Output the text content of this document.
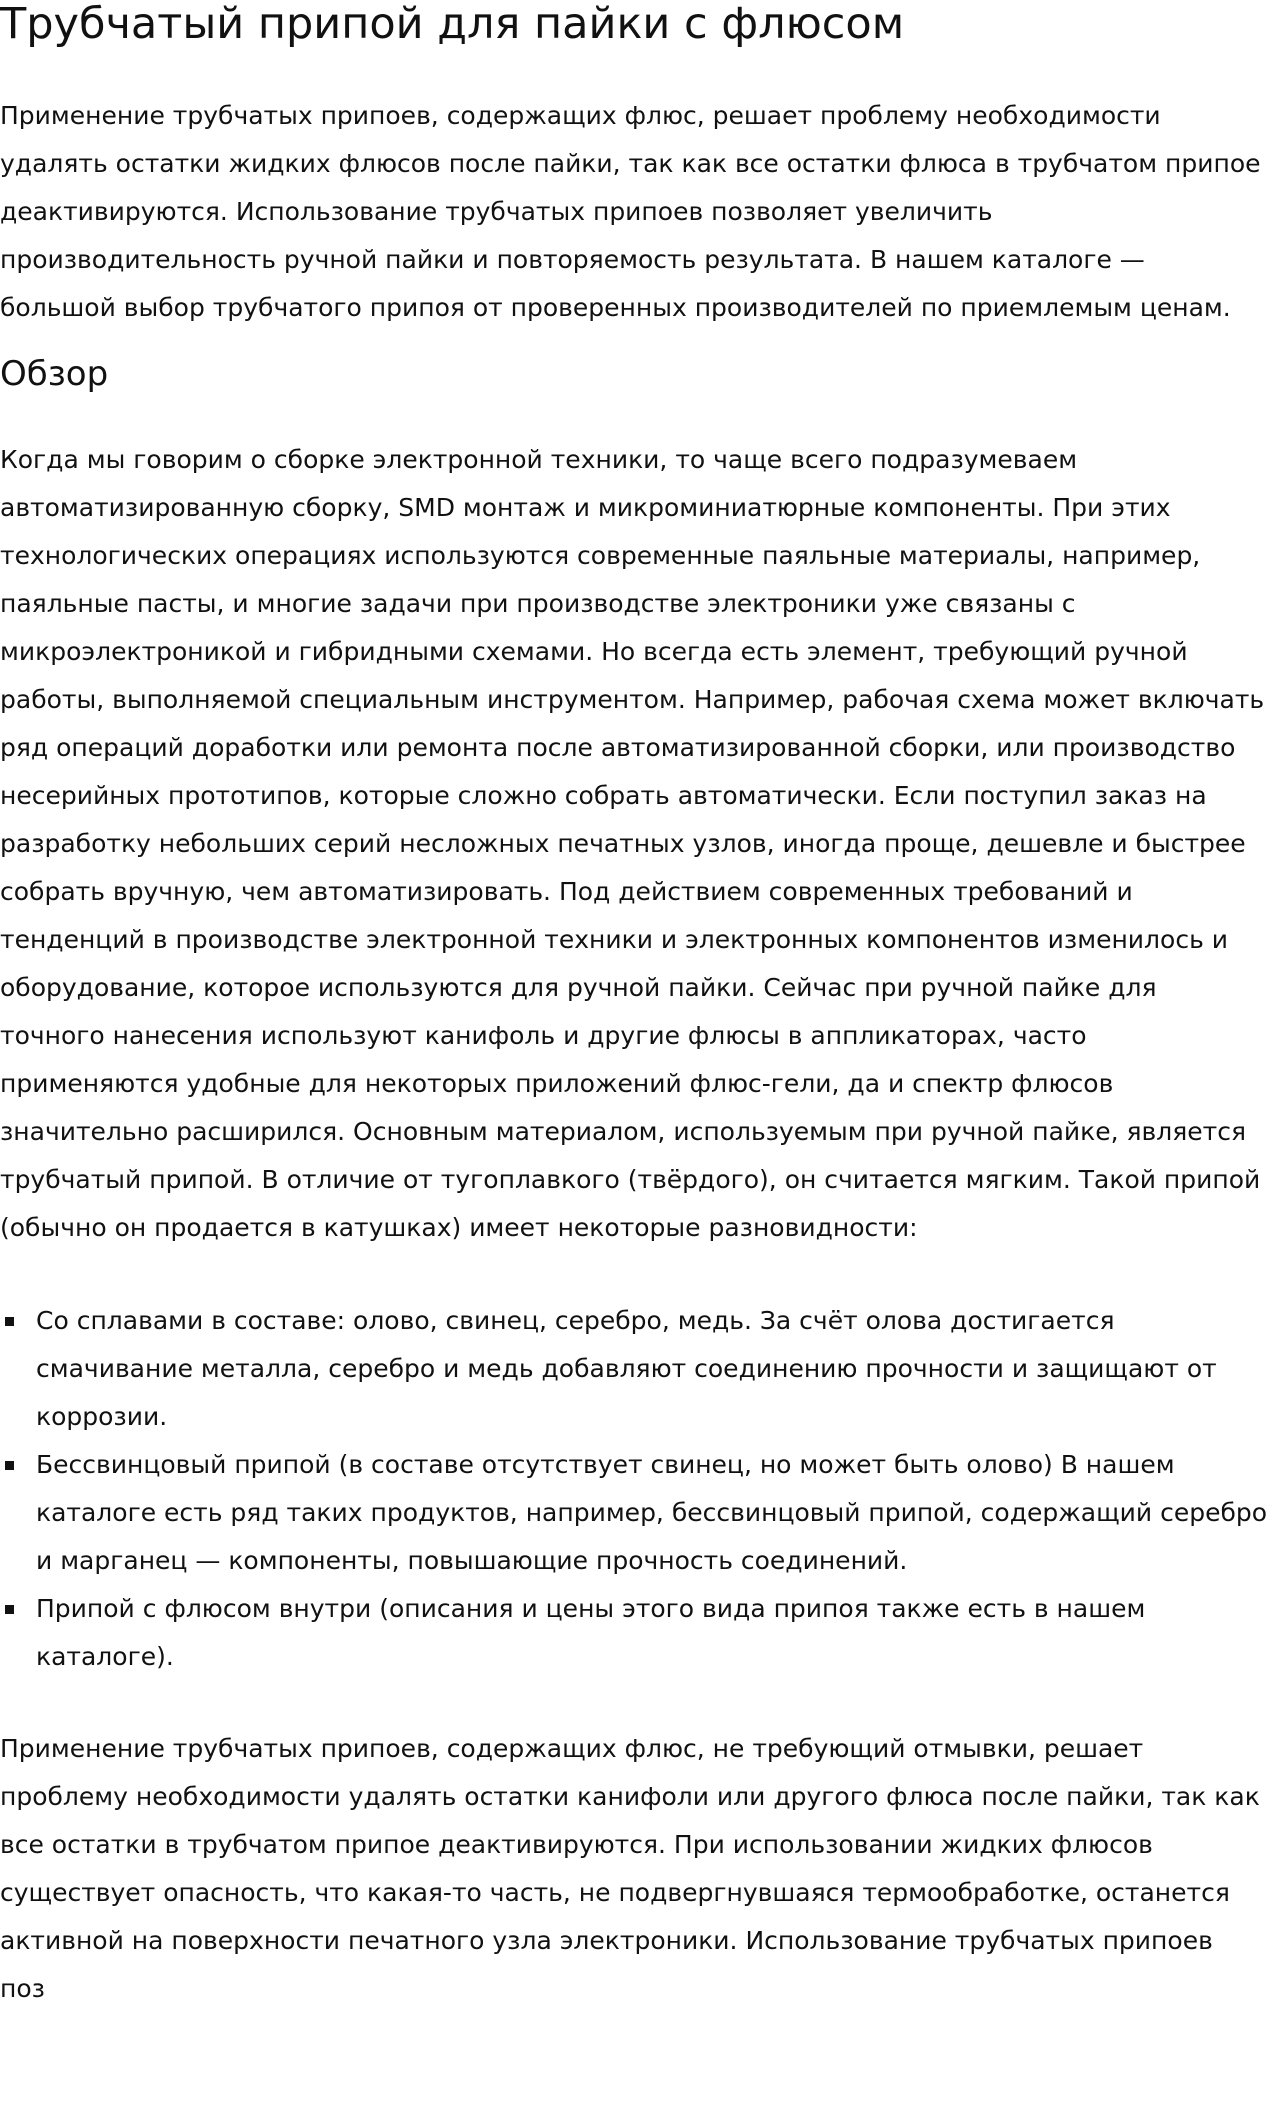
Трубчатый припой для пайки с флюсом

Применение трубчатых припоев, содержащих флюс, решает проблему необходимости удалять остатки жидких флюсов после пайки, так как все остатки флюса в трубчатом припое деактивируются. Использование трубчатых припоев позволяет увеличить производительность ручной пайки и повторяемость результата. В нашем каталоге — большой выбор трубчатого припоя от проверенных производителей по приемлемым ценам.

Обзор

Когда мы говорим о сборке электронной техники, то чаще всего подразумеваем автоматизированную сборку, SMD монтаж и микроминиатюрные компоненты. При этих технологических операциях используются современные паяльные материалы, например, паяльные пасты, и многие задачи при производстве электроники уже связаны с микроэлектроникой и гибридными схемами. Но всегда есть элемент, требующий ручной работы, выполняемой специальным инструментом. Например, рабочая схема может включать ряд операций доработки или ремонта после автоматизированной сборки, или производство несерийных прототипов, которые сложно собрать автоматически. Если поступил заказ на разработку небольших серий несложных печатных узлов, иногда проще, дешевле и быстрее собрать вручную, чем автоматизировать. Под действием современных требований и тенденций в производстве электронной техники и электронных компонентов изменилось и оборудование, которое используются для ручной пайки. Сейчас при ручной пайке для точного нанесения используют канифоль и другие флюсы в аппликаторах, часто применяются удобные для некоторых приложений флюс-гели, да и спектр флюсов значительно расширился. Основным материалом, используемым при ручной пайке, является трубчатый припой. В отличие от тугоплавкого (твёрдого), он считается мягким. Такой припой (обычно он продается в катушках) имеет некоторые разновидности:

Со сплавами в составе: олово, свинец, серебро, медь. За счёт олова достигается смачивание металла, серебро и медь добавляют соединению прочности и защищают от коррозии.
Бессвинцовый припой (в составе отсутствует свинец, но может быть олово) В нашем каталоге есть ряд таких продуктов, например, бессвинцовый припой, содержащий серебро и марганец — компоненты, повышающие прочность соединений.
Припой с флюсом внутри (описания и цены этого вида припоя также есть в нашем каталоге).

Применение трубчатых припоев, содержащих флюс, не требующий отмывки, решает проблему необходимости удалять остатки канифоли или другого флюса после пайки, так как все остатки в трубчатом припое деактивируются. При использовании жидких флюсов существует опасность, что какая-то часть, не подвергнувшаяся термообработке, останется активной на поверхности печатного узла электроники. Использование трубчатых припоев поз
